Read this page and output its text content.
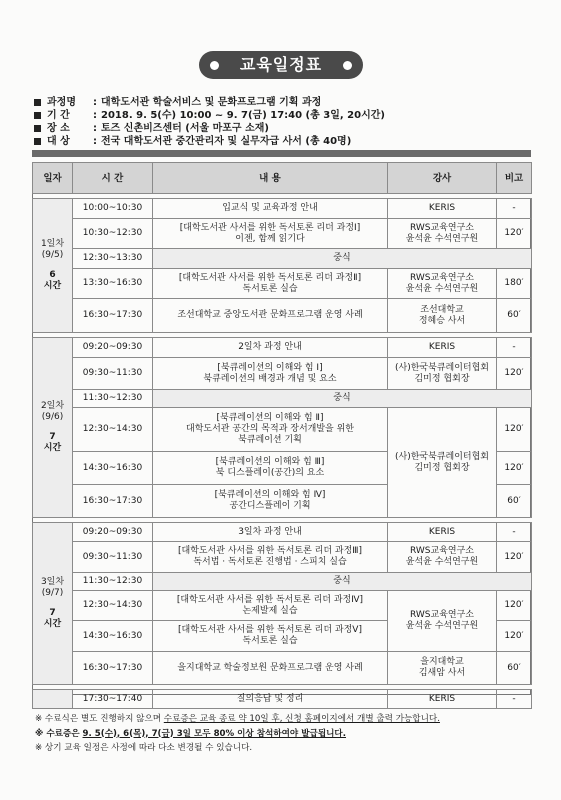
교육일정표
과정명	: 대학도서관 학술서비스 및 문화프로그램 기획 과정
기 간	: 2018. 9. 5(수) 10:00 ~ 9. 7(금) 17:40 (총 3일, 20시간)
장 소	: 토즈 신촌비즈센터 (서울 마포구 소재)
대 상	: 전국 대학도서관 중간관리자 및 실무자급 사서 (총 40명)
일자	시 간	내 용	강사	비고

1일차
(9/5)
6
시간	10:00~10:30	입교식 및 교육과정 안내	KERIS	-
	10:30~12:30	[대학도서관 사서를 위한 독서토론 리더 과정Ⅰ]
이젠, 함께 읽기다	RWS교육연구소
윤석윤 수석연구원	120′
	12:30~13:30	중식		
	13:30~16:30	[대학도서관 사서를 위한 독서토론 리더 과정Ⅱ]
독서토론 실습	RWS교육연구소
윤석윤 수석연구원	180′
	16:30~17:30	조선대학교 중앙도서관 문화프로그램 운영 사례	조선대학교
정혜승 사서	60′

2일차
(9/6)
7
시간	09:20~09:30	2일차 과정 안내	KERIS	-
	09:30~11:30	[북큐레이션의 이해와 힘 Ⅰ]
북큐레이션의 배경과 개념 및 요소	(사)한국북큐레이터협회
김미정 협회장	120′
	11:30~12:30	중식		
	12:30~14:30	[북큐레이션의 이해와 힘 Ⅱ]
대학도서관 공간의 목적과 장서개발을 위한
북큐레이션 기획	(사)한국북큐레이터협회
김미정 협회장	120′
	14:30~16:30	[북큐레이션의 이해와 힘 Ⅲ]
북 디스플레이(공간)의 요소		120′
	16:30~17:30	[북큐레이션의 이해와 힘 Ⅳ]
공간디스플레이 기획		60′

3일차
(9/7)
7
시간	09:20~09:30	3일차 과정 안내	KERIS	-
	09:30~11:30	[대학도서관 사서를 위한 독서토론 리더 과정Ⅲ]
독서법 · 독서토론 진행법 · 스피치 실습	RWS교육연구소
윤석윤 수석연구원	120′
	11:30~12:30	중식		
	12:30~14:30	[대학도서관 사서를 위한 독서토론 리더 과정Ⅳ]
논제발제 실습	RWS교육연구소
윤석윤 수석연구원	120′
	14:30~16:30	[대학도서관 사서를 위한 독서토론 리더 과정Ⅴ]
독서토론 실습		120′
	16:30~17:30	을지대학교 학술정보원 문화프로그램 운영 사례	을지대학교
김새암 사서	60′

	17:30~17:40	질의응답 및 정리	KERIS	-
※ 수료식은 별도 진행하지 않으며 수료증은 교육 종료 약 10일 후, 신청 홈페이지에서 개별 출력 가능합니다.
※ 수료증은 9. 5(수), 6(목), 7(금) 3일 모두 80% 이상 참석하여야 발급됩니다.
※ 상기 교육 일정은 사정에 따라 다소 변경될 수 있습니다.
